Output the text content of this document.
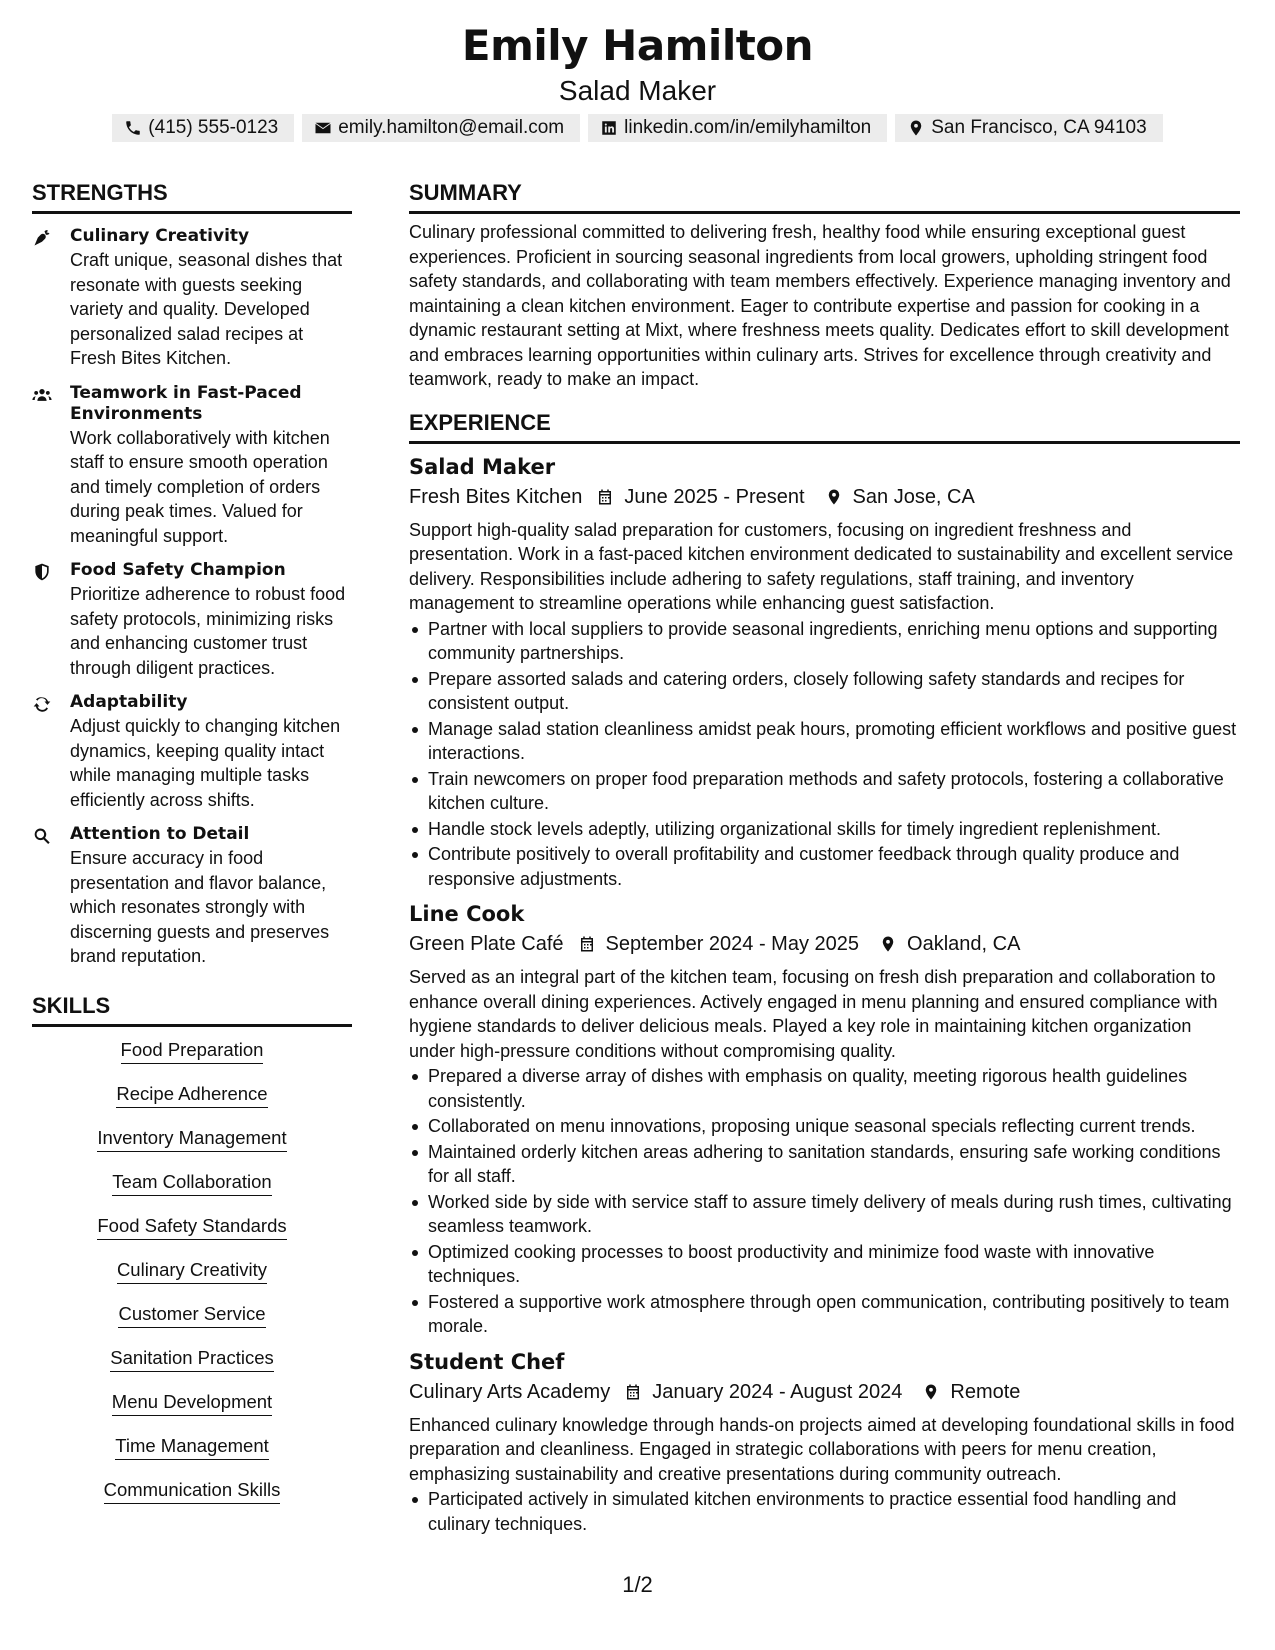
Emily Hamilton
Salad Maker
(415) 555-0123	emily.hamilton@email.com	linkedin.com/in/emilyhamilton	San Francisco, CA 94103
STRENGTHS
Culinary Creativity
Craft unique, seasonal dishes that resonate with guests seeking variety and quality. Developed personalized salad recipes at Fresh Bites Kitchen.
Teamwork in Fast-Paced Environments
Work collaboratively with kitchen staff to ensure smooth operation and timely completion of orders during peak times. Valued for meaningful support.
Food Safety Champion
Prioritize adherence to robust food safety protocols, minimizing risks and enhancing customer trust through diligent practices.
Adaptability
Adjust quickly to changing kitchen dynamics, keeping quality intact while managing multiple tasks efficiently across shifts.
Attention to Detail
Ensure accuracy in food presentation and flavor balance, which resonates strongly with discerning guests and preserves brand reputation.
SKILLS
Food Preparation
Recipe Adherence
Inventory Management
Team Collaboration
Food Safety Standards
Culinary Creativity
Customer Service
Sanitation Practices
Menu Development
Time Management
Communication Skills
SUMMARY
Culinary professional committed to delivering fresh, healthy food while ensuring exceptional guest experiences. Proficient in sourcing seasonal ingredients from local growers, upholding stringent food safety standards, and collaborating with team members effectively. Experience managing inventory and maintaining a clean kitchen environment. Eager to contribute expertise and passion for cooking in a dynamic restaurant setting at Mixt, where freshness meets quality. Dedicates effort to skill development and embraces learning opportunities within culinary arts. Strives for excellence through creativity and teamwork, ready to make an impact.
EXPERIENCE
Salad Maker
Fresh Bites Kitchen June 2025 - Present San Jose, CA
Support high-quality salad preparation for customers, focusing on ingredient freshness and presentation. Work in a fast-paced kitchen environment dedicated to sustainability and excellent service delivery. Responsibilities include adhering to safety regulations, staff training, and inventory management to streamline operations while enhancing guest satisfaction.
Partner with local suppliers to provide seasonal ingredients, enriching menu options and supporting community partnerships.
Prepare assorted salads and catering orders, closely following safety standards and recipes for consistent output.
Manage salad station cleanliness amidst peak hours, promoting efficient workflows and positive guest interactions.
Train newcomers on proper food preparation methods and safety protocols, fostering a collaborative kitchen culture.
Handle stock levels adeptly, utilizing organizational skills for timely ingredient replenishment.
Contribute positively to overall profitability and customer feedback through quality produce and responsive adjustments.
Line Cook
Green Plate Café September 2024 - May 2025 Oakland, CA
Served as an integral part of the kitchen team, focusing on fresh dish preparation and collaboration to enhance overall dining experiences. Actively engaged in menu planning and ensured compliance with hygiene standards to deliver delicious meals. Played a key role in maintaining kitchen organization under high-pressure conditions without compromising quality.
Prepared a diverse array of dishes with emphasis on quality, meeting rigorous health guidelines consistently.
Collaborated on menu innovations, proposing unique seasonal specials reflecting current trends.
Maintained orderly kitchen areas adhering to sanitation standards, ensuring safe working conditions for all staff.
Worked side by side with service staff to assure timely delivery of meals during rush times, cultivating seamless teamwork.
Optimized cooking processes to boost productivity and minimize food waste with innovative techniques.
Fostered a supportive work atmosphere through open communication, contributing positively to team morale.
Student Chef
Culinary Arts Academy January 2024 - August 2024 Remote
Enhanced culinary knowledge through hands-on projects aimed at developing foundational skills in food preparation and cleanliness. Engaged in strategic collaborations with peers for menu creation, emphasizing sustainability and creative presentations during community outreach.
Participated actively in simulated kitchen environments to practice essential food handling and culinary techniques.
1/2
